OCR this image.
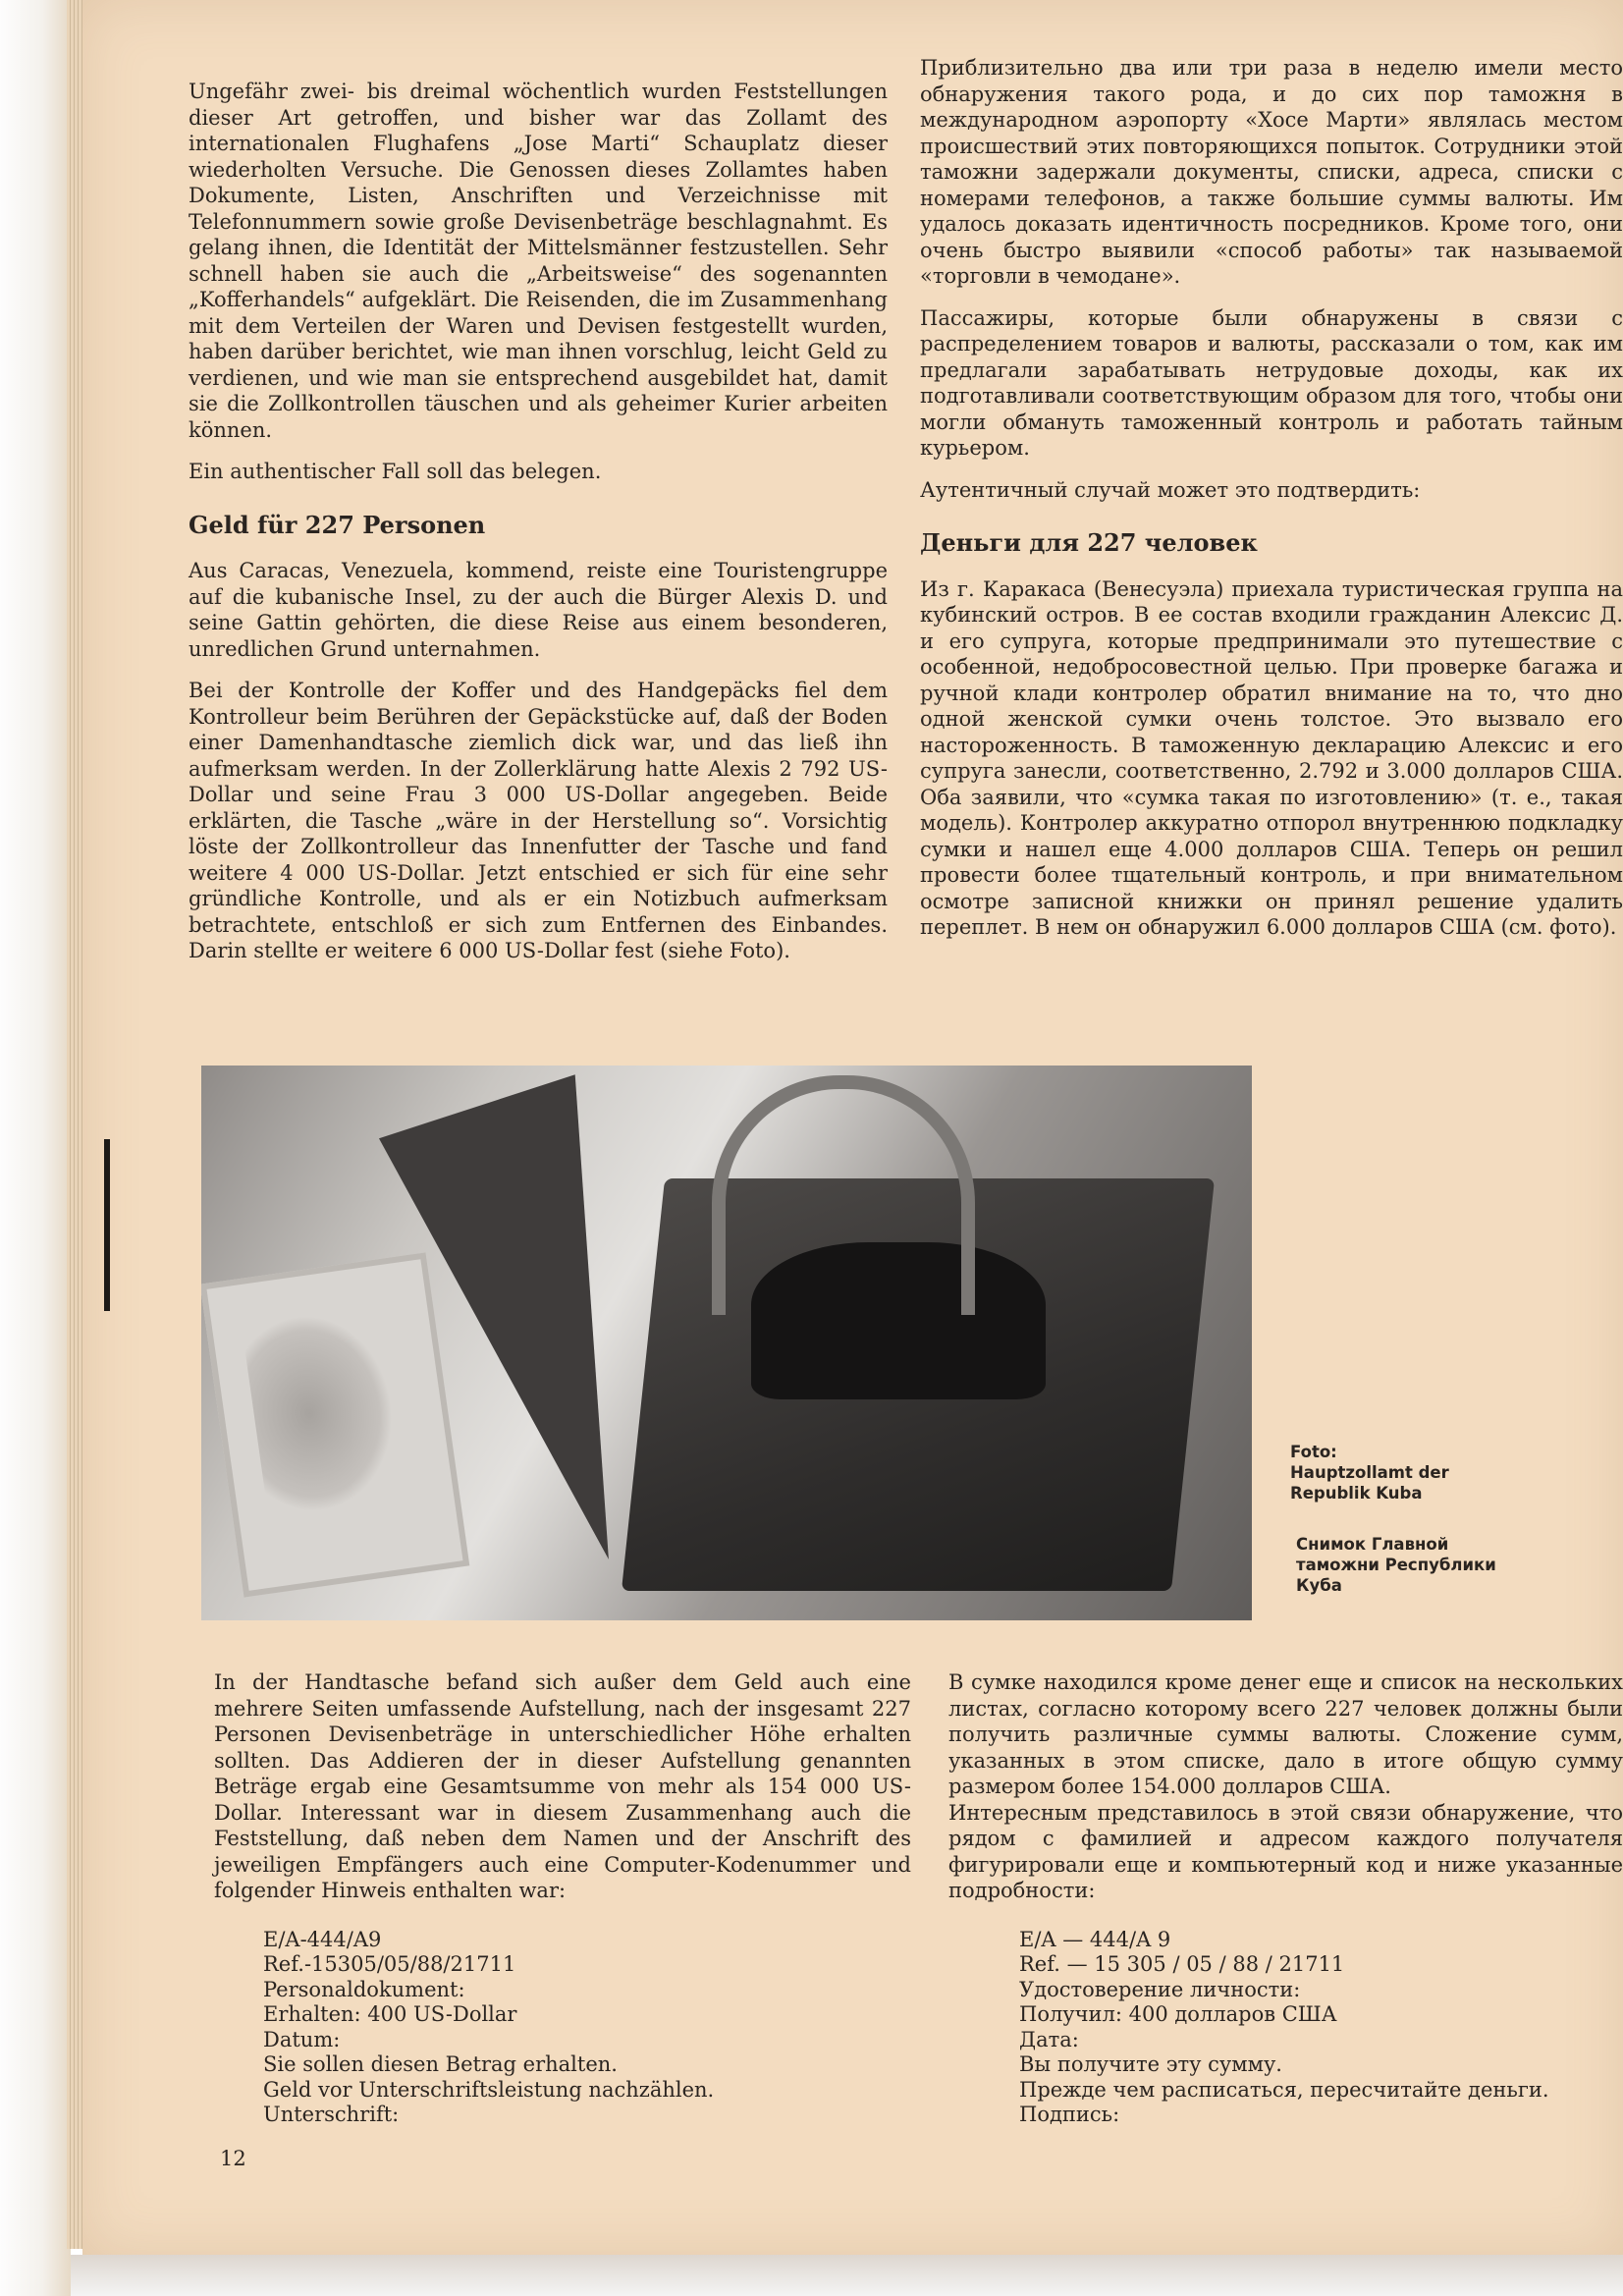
Ungefähr zwei- bis dreimal wöchentlich wurden Feststellungen dieser Art getroffen, und bisher war das Zollamt des internationalen Flughafens „Jose Marti“ Schauplatz dieser wiederholten Versuche. Die Genossen dieses Zollamtes haben Dokumente, Listen, Anschriften und Verzeichnisse mit Telefonnummern sowie große Devisenbeträge beschlagnahmt. Es gelang ihnen, die Identität der Mittelsmänner festzustellen. Sehr schnell haben sie auch die „Arbeitsweise“ des sogenannten „Kofferhandels“ aufgeklärt. Die Reisenden, die im Zusammenhang mit dem Verteilen der Waren und Devisen festgestellt wurden, haben darüber berichtet, wie man ihnen vorschlug, leicht Geld zu verdienen, und wie man sie entsprechend ausgebildet hat, damit sie die Zollkontrollen täuschen und als geheimer Kurier arbeiten können.

Ein authentischer Fall soll das belegen.

Geld für 227 Personen

Aus Caracas, Venezuela, kommend, reiste eine Touristengruppe auf die kubanische Insel, zu der auch die Bürger Alexis D. und seine Gattin gehörten, die diese Reise aus einem besonderen, unredlichen Grund unternahmen.

Bei der Kontrolle der Koffer und des Handgepäcks fiel dem Kontrolleur beim Berühren der Gepäckstücke auf, daß der Boden einer Damenhandtasche ziemlich dick war, und das ließ ihn aufmerksam werden. In der Zollerklärung hatte Alexis 2 792 US-Dollar und seine Frau 3 000 US-Dollar angegeben. Beide erklärten, die Tasche „wäre in der Herstellung so“. Vorsichtig löste der Zollkontrolleur das Innenfutter der Tasche und fand weitere 4 000 US-Dollar. Jetzt entschied er sich für eine sehr gründliche Kontrolle, und als er ein Notizbuch aufmerksam betrachtete, entschloß er sich zum Entfernen des Einbandes. Darin stellte er weitere 6 000 US-Dollar fest (siehe Foto).

Приблизительно два или три раза в неделю имели место обнаружения такого рода, и до сих пор таможня в международном аэропорту «Хосе Марти» являлась местом происшествий этих повторяющихся попыток. Сотрудники этой таможни задержали документы, списки, адреса, списки с номерами телефонов, а также большие суммы валюты. Им удалось доказать идентичность посредников. Кроме того, они очень быстро выявили «способ работы» так называемой «торговли в чемодане».

Пассажиры, которые были обнаружены в связи с распределением товаров и валюты, рассказали о том, как им предлагали зарабатывать нетрудовые доходы, как их подготавливали соответствующим образом для того, чтобы они могли обмануть таможенный контроль и работать тайным курьером.

Аутентичный случай может это подтвердить:

Деньги для 227 человек

Из г. Каракаса (Венесуэла) приехала туристическая группа на кубинский остров. В ее состав входили гражданин Алексис Д. и его супруга, которые предпринимали это путешествие с особенной, недобросовестной целью. При проверке багажа и ручной клади контролер обратил внимание на то, что дно одной женской сумки очень толстое. Это вызвало его настороженность. В таможенную декларацию Алексис и его супруга занесли, соответственно, 2.792 и 3.000 долларов США. Оба заявили, что «сумка такая по изготовлению» (т. е., такая модель). Контролер аккуратно отпорол внутреннюю подкладку сумки и нашел еще 4.000 долларов США. Теперь он решил провести более тщательный контроль, и при внимательном осмотре записной книжки он принял решение удалить переплет. В нем он обнаружил 6.000 долларов США (см. фото).

Foto:
Hauptzollamt der
Republik Kuba
Снимок Главной
таможни Республики
Куба

In der Handtasche befand sich außer dem Geld auch eine mehrere Seiten umfassende Aufstellung, nach der insgesamt 227 Personen Devisenbeträge in unterschiedlicher Höhe erhalten sollten. Das Addieren der in dieser Aufstellung genannten Beträge ergab eine Gesamtsumme von mehr als 154 000 US-Dollar. Interessant war in diesem Zusammenhang auch die Feststellung, daß neben dem Namen und der Anschrift des jeweiligen Empfängers auch eine Computer-Kodenummer und folgender Hinweis enthalten war:

E/A-444/A9
Ref.-15305/05/88/21711
Personaldokument:
Erhalten: 400 US-Dollar
Datum:
Sie sollen diesen Betrag erhalten.
Geld vor Unterschriftsleistung nachzählen.
Unterschrift:

В сумке находился кроме денег еще и список на нескольких листах, согласно которому всего 227 человек должны были получить различные суммы валюты. Сложение сумм, указанных в этом списке, дало в итоге общую сумму размером более 154.000 долларов США.

Интересным представилось в этой связи обнаружение, что рядом с фамилией и адресом каждого получателя фигурировали еще и компьютерный код и ниже указанные подробности:

E/A — 444/A 9
Ref. — 15 305 / 05 / 88 / 21711
Удостоверение личности:
Получил: 400 долларов США
Дата:
Вы получите эту сумму.
Прежде чем расписаться, пересчитайте деньги.
Подпись:
12
